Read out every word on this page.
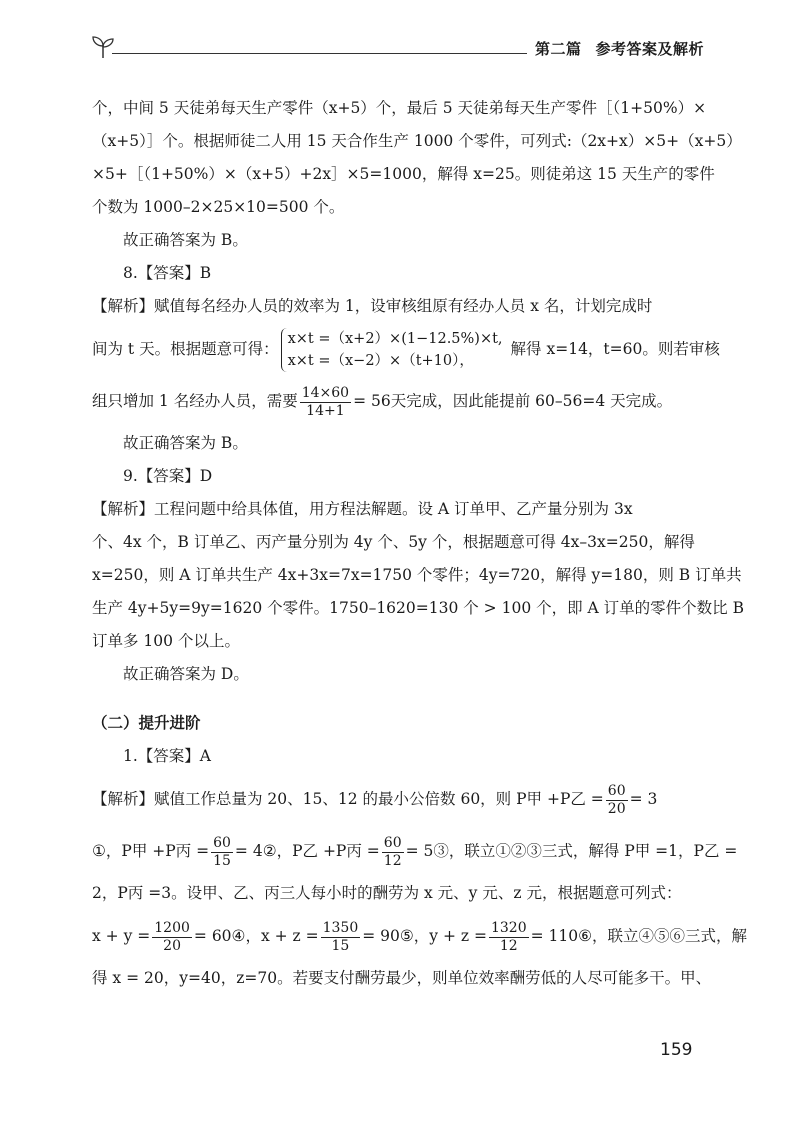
第二篇 参考答案及解析
个，中间 5 天徒弟每天生产零件（x+5）个，最后 5 天徒弟每天生产零件［（1+50%）×
（x+5）］个。根据师徒二人用 15 天合作生产 1000 个零件，可列式:（2x+x）×5+（x+5）
×5+［（1+50%）×（x+5）+2x］×5=1000，解得 x=25。则徒弟这 15 天生产的零件
个数为 1000–2×25×10=500 个。
故正确答案为 B。
8.【答案】B
【解析】赋值每名经办人员的效率为 1，设审核组原有经办人员 x 名，计划完成时
间为 t 天。根据题意可得：
x×t =（x+2）×(1−12.5%)×t,
x×t =（x−2）×（t+10），
解得 x=14，t=60。则若审核
组只增加 1 名经办人员，需要 $\frac{14\times 60}{14+1} = 56$天完成，因此能提前 60–56=4 天完成。
故正确答案为 B。
9.【答案】D
【解析】工程问题中给具体值，用方程法解题。设 A 订单甲、乙产量分别为 3x
个、4x 个，B 订单乙、丙产量分别为 4y 个、5y 个，根据题意可得 4x–3x=250，解得
x=250，则 A 订单共生产 4x+3x=7x=1750 个零件；4y=720，解得 y=180，则 B 订单共
生产 4y+5y=9y=1620 个零件。1750–1620=130 个 > 100 个，即 A 订单的零件个数比 B
订单多 100 个以上。
故正确答案为 D。
（二）提升进阶
1.【答案】A
【解析】赋值工作总量为 20、15、12 的最小公倍数 60，则 P甲 +P乙 = $\frac{60}{20} = 3$
①，P甲 +P丙 = $\frac{60}{15}$ = 4②，P乙 +P丙 = $\frac{60}{12}$ = 5③，联立①②③三式，解得 P甲 =1，P乙 =
2，P丙 =3。设甲、乙、丙三人每小时的酬劳为 x 元、y 元、z 元，根据题意可列式：
$x + y = \frac{1200}{20}$ = 60④，$x + z = \frac{1350}{15}$ = 90⑤，$y + z = \frac{1320}{12}$ = 110⑥，联立④⑤⑥三式，解
得 x = 20，y=40，z=70。若要支付酬劳最少，则单位效率酬劳低的人尽可能多干。甲、
159
